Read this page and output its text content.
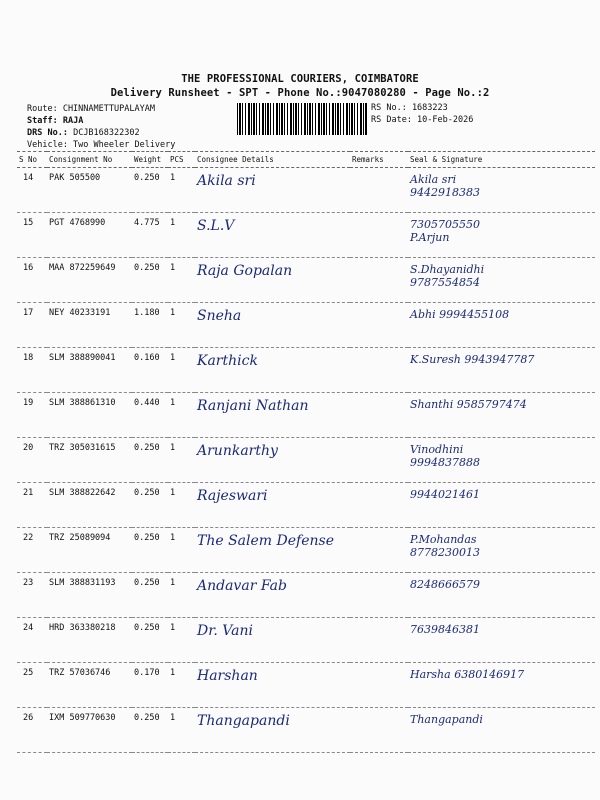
THE PROFESSIONAL COURIERS, COIMBATORE
Delivery Runsheet - SPT - Phone No.:9047080280 - Page No.:2
Route: CHINNAMETTUPALAYAM
Staff: RAJA
DRS No.: DCJB168322302
Vehicle: Two Wheeler Delivery
RS No.: 1683223
RS Date: 10-Feb-2026
S No	Consignment No	Weight	PCS	Consignee Details	Remarks	Seal & Signature
14	PAK 505500	0.250	1	Akila sri		Akila sri
9442918383
15	PGT 4768990	4.775	1	S.L.V		7305705550
P.Arjun
16	MAA 872259649	0.250	1	Raja Gopalan		S.Dhayanidhi
9787554854
17	NEY 40233191	1.180	1	Sneha		Abhi 9994455108
18	SLM 388890041	0.160	1	Karthick		K.Suresh 9943947787
19	SLM 388861310	0.440	1	Ranjani Nathan		Shanthi 9585797474
20	TRZ 305031615	0.250	1	Arunkarthy		Vinodhini
9994837888
21	SLM 388822642	0.250	1	Rajeswari		9944021461
22	TRZ 25089094	0.250	1	The Salem Defense		P.Mohandas
8778230013
23	SLM 388831193	0.250	1	Andavar Fab		8248666579
24	HRD 363380218	0.250	1	Dr. Vani		7639846381
25	TRZ 57036746	0.170	1	Harshan		Harsha 6380146917
26	IXM 509770630	0.250	1	Thangapandi		Thangapandi
